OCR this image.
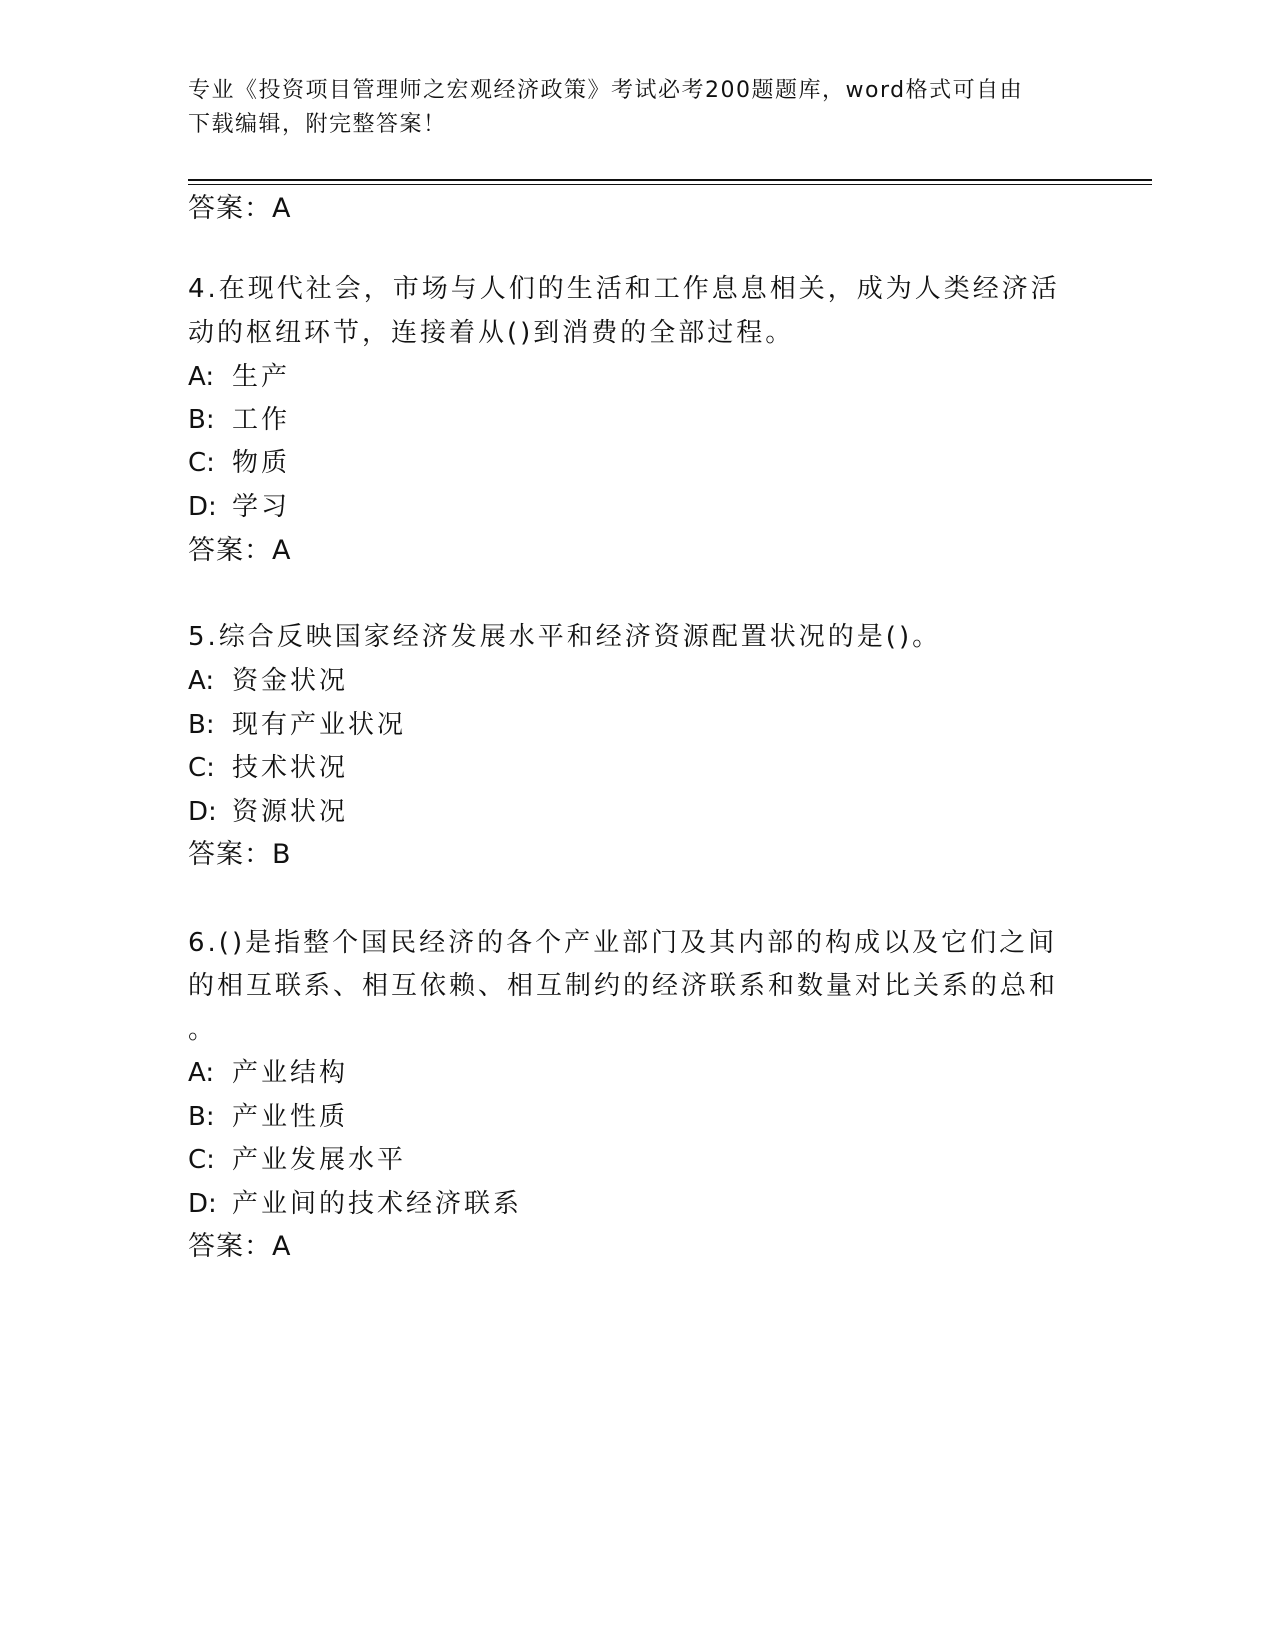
专业《投资项目管理师之宏观经济政策》考试必考200题题库，word格式可自由
下载编辑，附完整答案！
答案：A
4.在现代社会，市场与人们的生活和工作息息相关，成为人类经济活
动的枢纽环节，连接着从()到消费的全部过程。
A: 生产
B: 工作
C: 物质
D: 学习
答案：A
5.综合反映国家经济发展水平和经济资源配置状况的是()。
A: 资金状况
B: 现有产业状况
C: 技术状况
D: 资源状况
答案：B
6.()是指整个国民经济的各个产业部门及其内部的构成以及它们之间
的相互联系、相互依赖、相互制约的经济联系和数量对比关系的总和
。
A: 产业结构
B: 产业性质
C: 产业发展水平
D: 产业间的技术经济联系
答案：A
